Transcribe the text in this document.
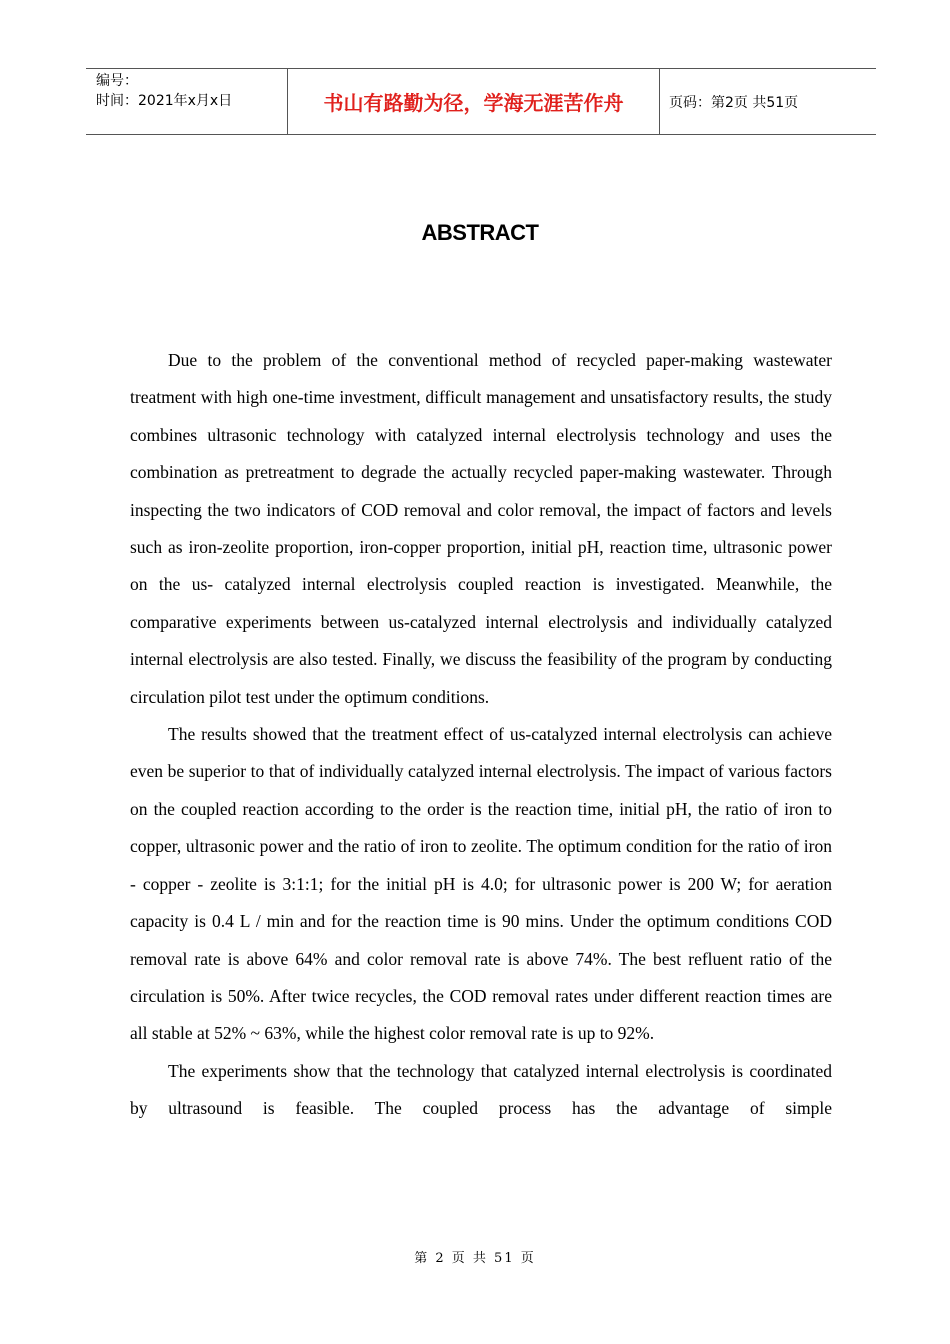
编号：
时间：2021年x月x日	书山有路勤为径，学海无涯苦作舟	页码：第2页 共51页
ABSTRACT

Due to the problem of the conventional method of recycled paper-making wastewater treatment with high one-time investment, difficult management and unsatisfactory results, the study combines ultrasonic technology with catalyzed internal electrolysis technology and uses the combination as pretreatment to degrade the actually recycled paper-making wastewater. Through inspecting the two indicators of COD removal and color removal, the impact of factors and levels such as iron-zeolite proportion, iron-copper proportion, initial pH, reaction time, ultrasonic power on the us- catalyzed internal electrolysis coupled reaction is investigated. Meanwhile, the comparative experiments between us-catalyzed internal electrolysis and individually catalyzed internal electrolysis are also tested. Finally, we discuss the feasibility of the program by conducting circulation pilot test under the optimum conditions.

The results showed that the treatment effect of us-catalyzed internal electrolysis can achieve even be superior to that of individually catalyzed internal electrolysis. The impact of various factors on the coupled reaction according to the order is the reaction time, initial pH, the ratio of iron to copper, ultrasonic power and the ratio of iron to zeolite. The optimum condition for the ratio of iron - copper - zeolite is 3:1:1; for the initial pH is 4.0; for ultrasonic power is 200 W; for aeration capacity is 0.4 L / min and for the reaction time is 90 mins. Under the optimum conditions COD removal rate is above 64% and color removal rate is above 74%. The best refluent ratio of the circulation is 50%. After twice recycles, the COD removal rates under different reaction times are all stable at 52% ~ 63%, while the highest color removal rate is up to 92%.

The experiments show that the technology that catalyzed internal electrolysis is coordinated by ultrasound is feasible. The coupled process has the advantage of simple

第 2 页 共 51 页
